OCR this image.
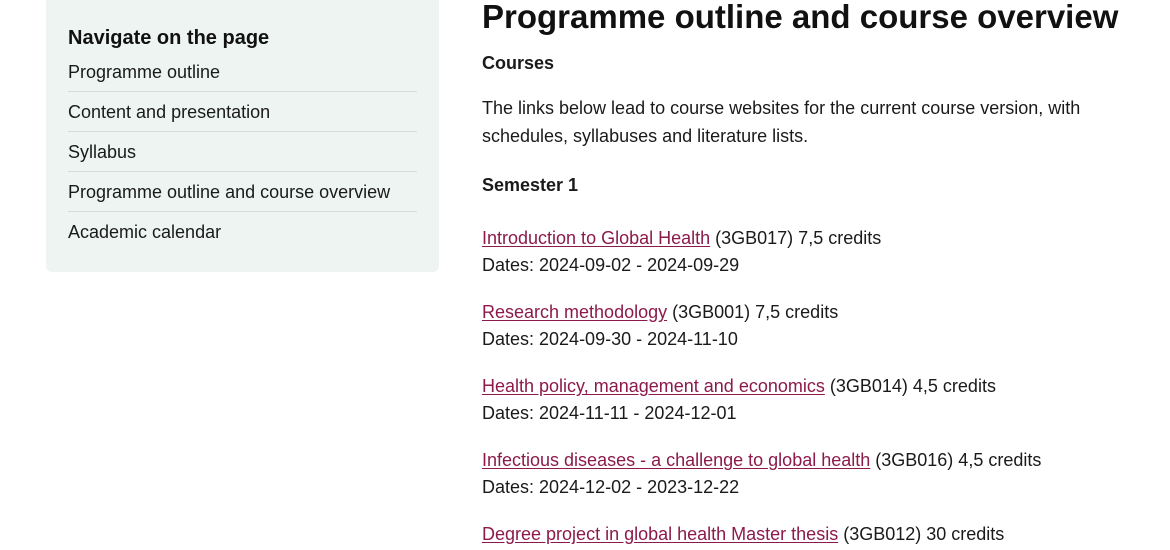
Navigate on the page
Programme outline
Content and presentation
Syllabus
Programme outline and course overview
Academic calendar
Programme outline and course overview
Courses

The links below lead to course websites for the current course version, with schedules, syllabuses and literature lists.

Semester 1
Introduction to Global Health (3GB017) 7,5 credits
Dates: 2024-09-02 - 2024-09-29
Research methodology (3GB001) 7,5 credits
Dates: 2024-09-30 - 2024-11-10
Health policy, management and economics (3GB014) 4,5 credits
Dates: 2024-11-11 - 2024-12-01
Infectious diseases - a challenge to global health (3GB016) 4,5 credits
Dates: 2024-12-02 - 2023-12-22
Degree project in global health Master thesis (3GB012) 30 credits
